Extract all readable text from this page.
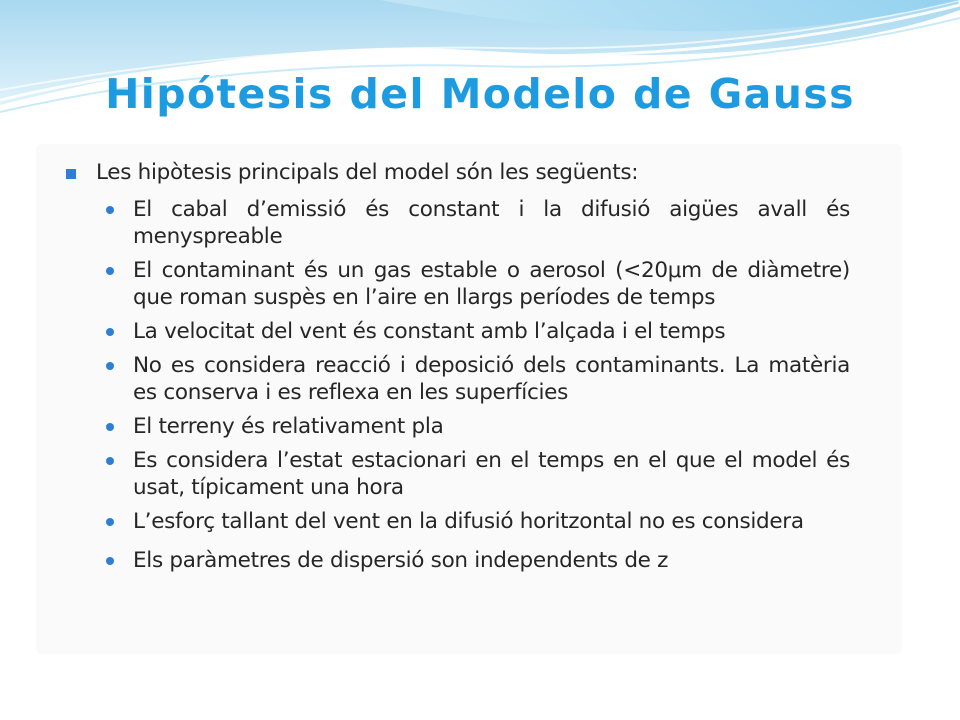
Hipótesis del Modelo de Gauss
Les hipòtesis principals del model són les següents:
El cabal d’emissió és constant i la difusió aigües avall és menyspreable
El contaminant és un gas estable o aerosol (<20μm de diàmetre) que roman suspès en l’aire en llargs períodes de temps
La velocitat del vent és constant amb l’alçada i el temps
No es considera reacció i deposició dels contaminants. La matèria es conserva i es reflexa en les superfícies
El terreny és relativament pla
Es considera l’estat estacionari en el temps en el que el model és usat, típicament una hora
L’esforç tallant del vent en la difusió horitzontal no es considera
Els paràmetres de dispersió son independents de z
